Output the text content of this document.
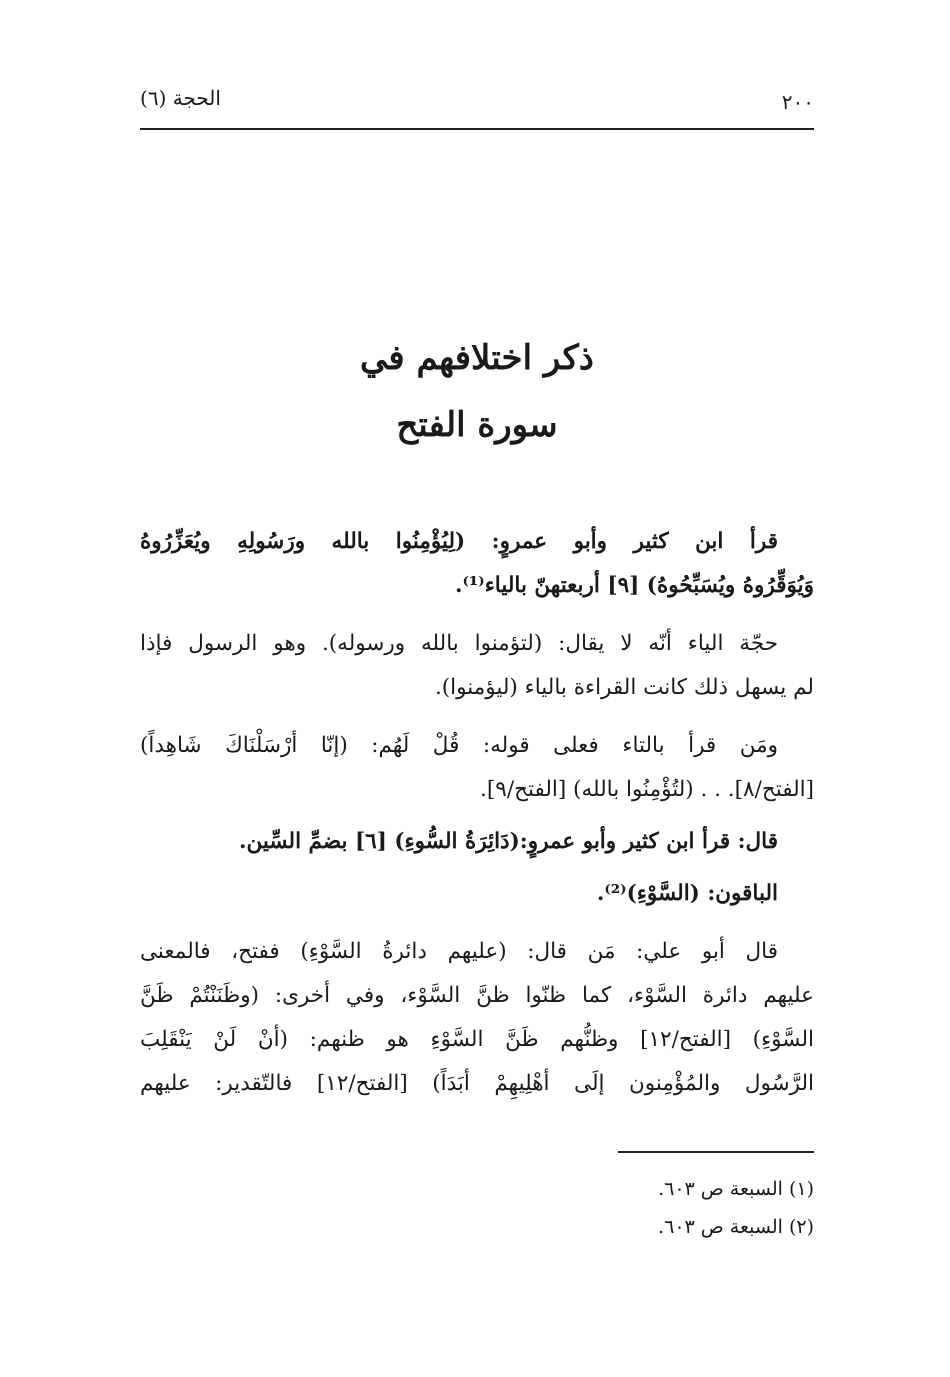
٢٠٠
الحجة (٦)
ذكر اختلافهم في
سورة الفتح
قرأ ابن كثير وأبو عمروٍ: (لِيُؤْمِنُوا بالله ورَسُولِهِ ويُعَزِّرُوهُ
وَيُوَقِّرُوهُ ويُسَبِّحُوهُ) [٩] أربعتهنّ بالياء⁽¹⁾.
حجّة الياء أنّه لا يقال: (لتؤمنوا بالله ورسوله). وهو الرسول فإذا
لم يسهل ذلك كانت القراءة بالياء (ليؤمنوا).
ومَن قرأ بالتاء فعلى قوله: قُلْ لَهُم: (إنّا أرْسَلْنَاكَ شَاهِداً)
[الفتح/٨]. . . (لتُؤْمِنُوا بالله) [الفتح/٩].
قال: قرأ ابن كثير وأبو عمروٍ:(دَائِرَةُ السُّوءِ) [٦] بضمِّ السِّين.
الباقون: (السَّوْءِ)⁽²⁾.
قال أبو علي: مَن قال: (عليهم دائرةُ السَّوْءِ) ففتح، فالمعنى
عليهم دائرة السَّوْء، كما ظنّوا ظنَّ السَّوْء، وفي أخرى: (وظَنَنْتُمْ ظَنَّ
السَّوْءِ) [الفتح/١٢] وظنُّهم ظَنَّ السَّوْءِ هو ظنهم: (أنْ لَنْ يَنْقَلِبَ
الرَّسُول والمُؤْمِنون إلَى أهْلِيهِمْ أبَدَاً) [الفتح/١٢] فالتّقدير: عليهم
(١) السبعة ص ٦٠٣.
(٢) السبعة ص ٦٠٣.
